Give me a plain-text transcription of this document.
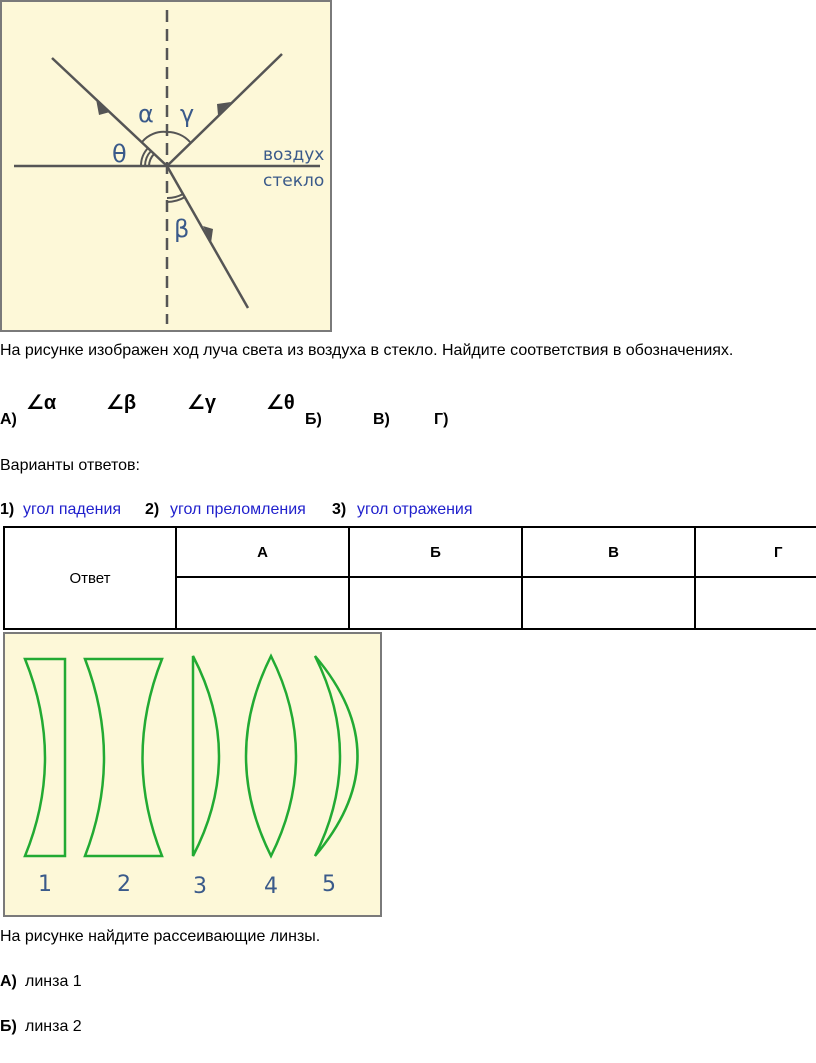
α γ
θ
β
воздух
стекло
На рисунке изображен ход луча света из воздуха в стекло. Найдите соответствия в обозначениях.
∠α ∠β	∠γ ∠θ
А)	Б)	В)	Г)
Варианты ответов:
1) угол падения 2) угол преломления 3) угол отражения
Ответ	А	Б	В	Г

1	2	3	4 5
На рисунке найдите рассеивающие линзы.
А) линза 1
Б) линза 2
